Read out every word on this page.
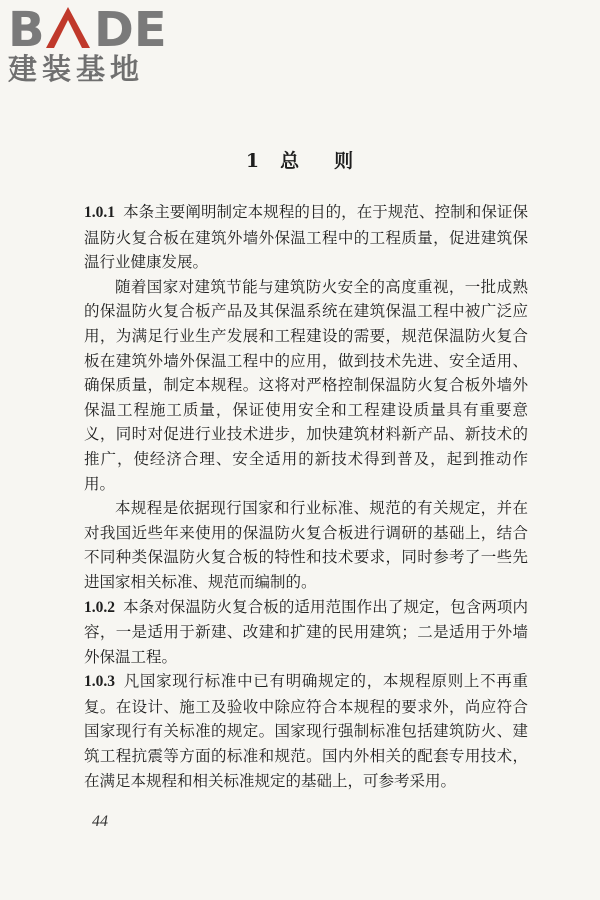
B DE
建装基地
1 总 则

1.0.1 本条主要阐明制定本规程的目的，在于规范、控制和保证保温防火复合板在建筑外墙外保温工程中的工程质量，促进建筑保温行业健康发展。

随着国家对建筑节能与建筑防火安全的高度重视，一批成熟的保温防火复合板产品及其保温系统在建筑保温工程中被广泛应用，为满足行业生产发展和工程建设的需要，规范保温防火复合板在建筑外墙外保温工程中的应用，做到技术先进、安全适用、确保质量，制定本规程。这将对严格控制保温防火复合板外墙外保温工程施工质量，保证使用安全和工程建设质量具有重要意义，同时对促进行业技术进步，加快建筑材料新产品、新技术的推广，使经济合理、安全适用的新技术得到普及，起到推动作用。

本规程是依据现行国家和行业标准、规范的有关规定，并在对我国近些年来使用的保温防火复合板进行调研的基础上，结合不同种类保温防火复合板的特性和技术要求，同时参考了一些先进国家相关标准、规范而编制的。

1.0.2 本条对保温防火复合板的适用范围作出了规定，包含两项内容，一是适用于新建、改建和扩建的民用建筑；二是适用于外墙外保温工程。

1.0.3 凡国家现行标准中已有明确规定的，本规程原则上不再重复。在设计、施工及验收中除应符合本规程的要求外，尚应符合国家现行有关标准的规定。国家现行强制标准包括建筑防火、建筑工程抗震等方面的标准和规范。国内外相关的配套专用技术，在满足本规程和相关标准规定的基础上，可参考采用。

44
